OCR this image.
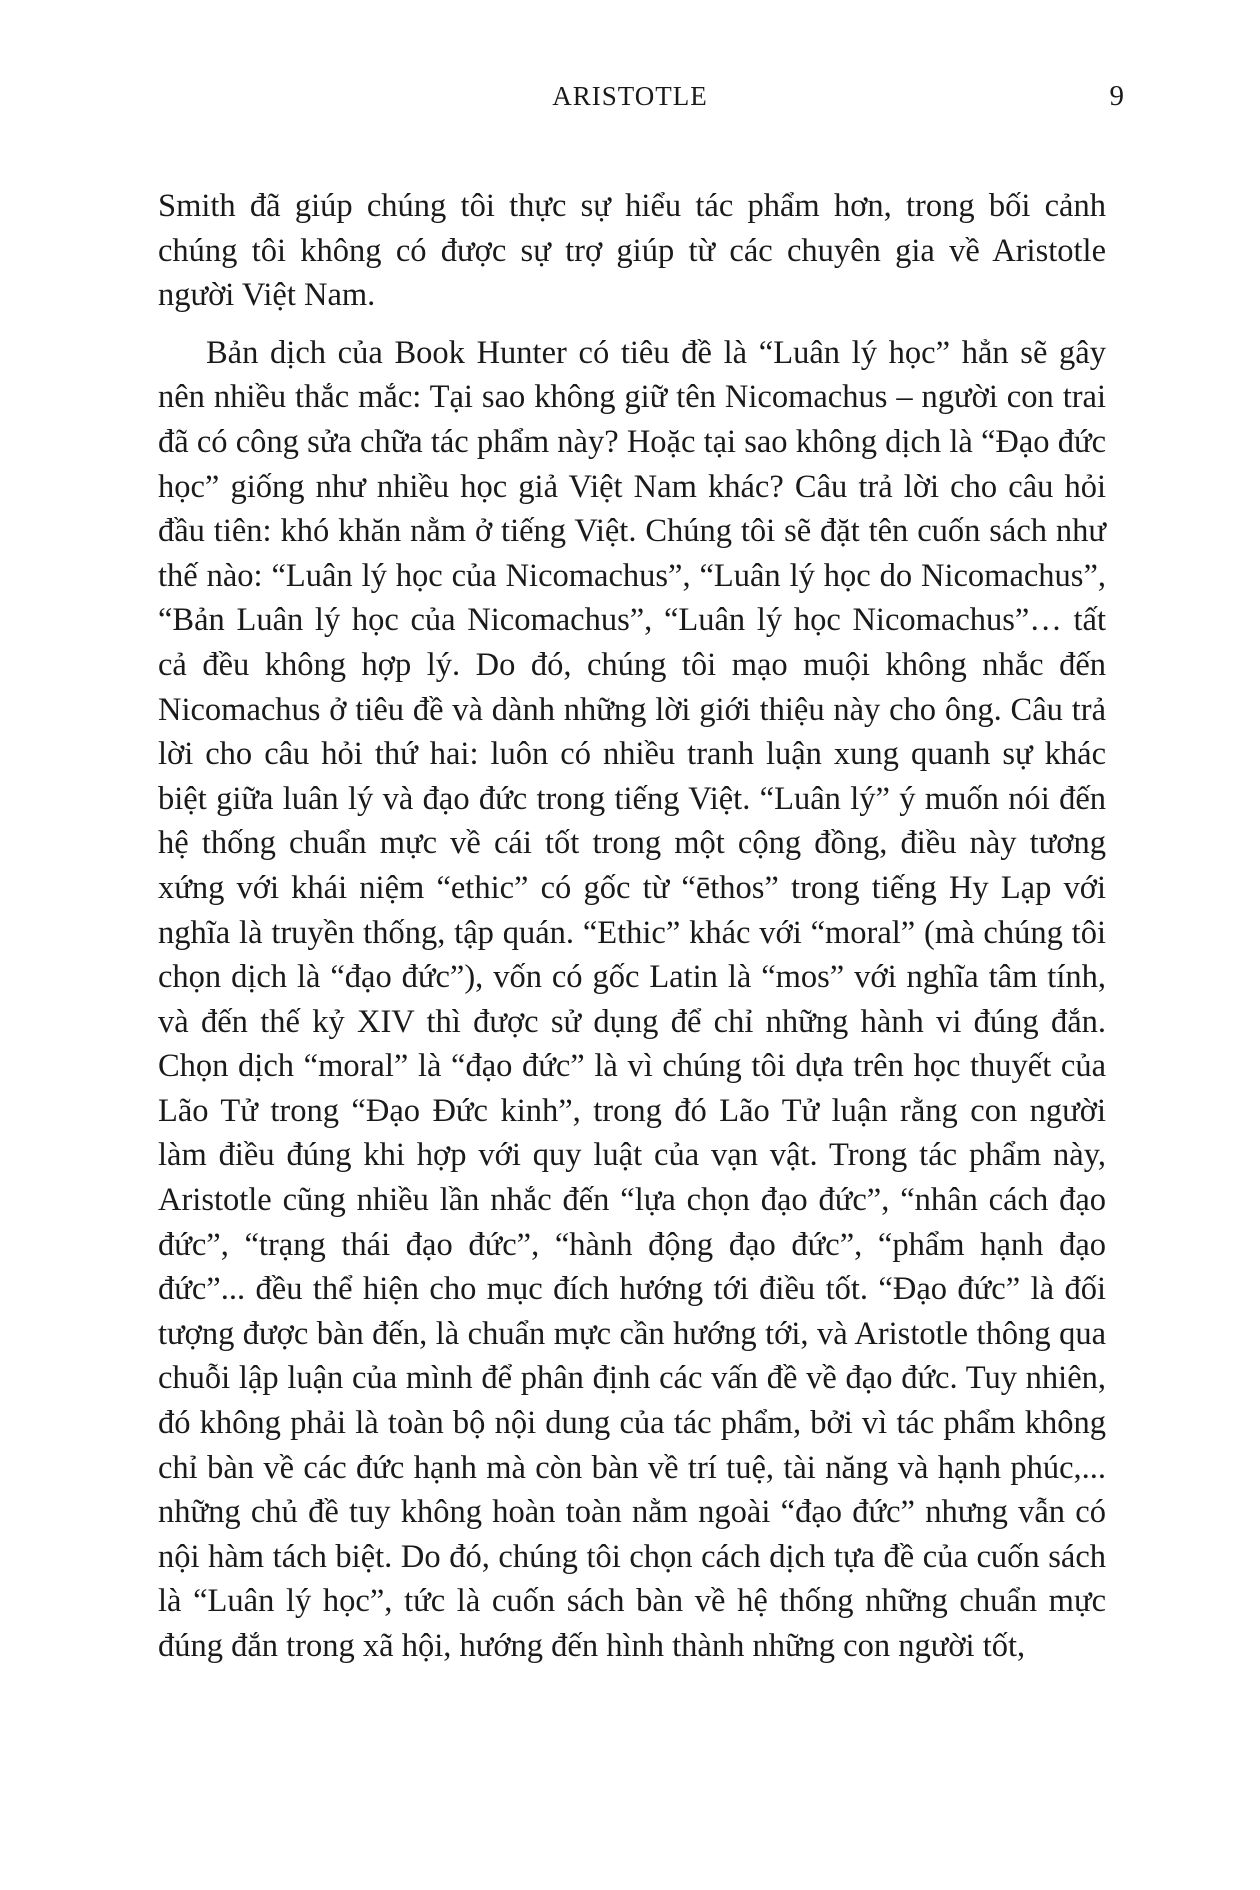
ARISTOTLE	9

Smith đã giúp chúng tôi thực sự hiểu tác phẩm hơn, trong bối cảnh chúng tôi không có được sự trợ giúp từ các chuyên gia về Aristotle người Việt Nam.

Bản dịch của Book Hunter có tiêu đề là “Luân lý học” hẳn sẽ gây nên nhiều thắc mắc: Tại sao không giữ tên Nicomachus – người con trai đã có công sửa chữa tác phẩm này? Hoặc tại sao không dịch là “Đạo đức học” giống như nhiều học giả Việt Nam khác? Câu trả lời cho câu hỏi đầu tiên: khó khăn nằm ở tiếng Việt. Chúng tôi sẽ đặt tên cuốn sách như thế nào: “Luân lý học của Nicomachus”, “Luân lý học do Nicomachus”, “Bản Luân lý học của Nicomachus”, “Luân lý học Nicomachus”… tất cả đều không hợp lý. Do đó, chúng tôi mạo muội không nhắc đến Nicomachus ở tiêu đề và dành những lời giới thiệu này cho ông. Câu trả lời cho câu hỏi thứ hai: luôn có nhiều tranh luận xung quanh sự khác biệt giữa luân lý và đạo đức trong tiếng Việt. “Luân lý” ý muốn nói đến hệ thống chuẩn mực về cái tốt trong một cộng đồng, điều này tương xứng với khái niệm “ethic” có gốc từ “ēthos” trong tiếng Hy Lạp với nghĩa là truyền thống, tập quán. “Ethic” khác với “moral” (mà chúng tôi chọn dịch là “đạo đức”), vốn có gốc Latin là “mos” với nghĩa tâm tính, và đến thế kỷ XIV thì được sử dụng để chỉ những hành vi đúng đắn. Chọn dịch “moral” là “đạo đức” là vì chúng tôi dựa trên học thuyết của Lão Tử trong “Đạo Đức kinh”, trong đó Lão Tử luận rằng con người làm điều đúng khi hợp với quy luật của vạn vật. Trong tác phẩm này, Aristotle cũng nhiều lần nhắc đến “lựa chọn đạo đức”, “nhân cách đạo đức”, “trạng thái đạo đức”, “hành động đạo đức”, “phẩm hạnh đạo đức”... đều thể hiện cho mục đích hướng tới điều tốt. “Đạo đức” là đối tượng được bàn đến, là chuẩn mực cần hướng tới, và Aristotle thông qua chuỗi lập luận của mình để phân định các vấn đề về đạo đức. Tuy nhiên, đó không phải là toàn bộ nội dung của tác phẩm, bởi vì tác phẩm không chỉ bàn về các đức hạnh mà còn bàn về trí tuệ, tài năng và hạnh phúc,... những chủ đề tuy không hoàn toàn nằm ngoài “đạo đức” nhưng vẫn có nội hàm tách biệt. Do đó, chúng tôi chọn cách dịch tựa đề của cuốn sách là “Luân lý học”, tức là cuốn sách bàn về hệ thống những chuẩn mực đúng đắn trong xã hội, hướng đến hình thành những con người tốt,
